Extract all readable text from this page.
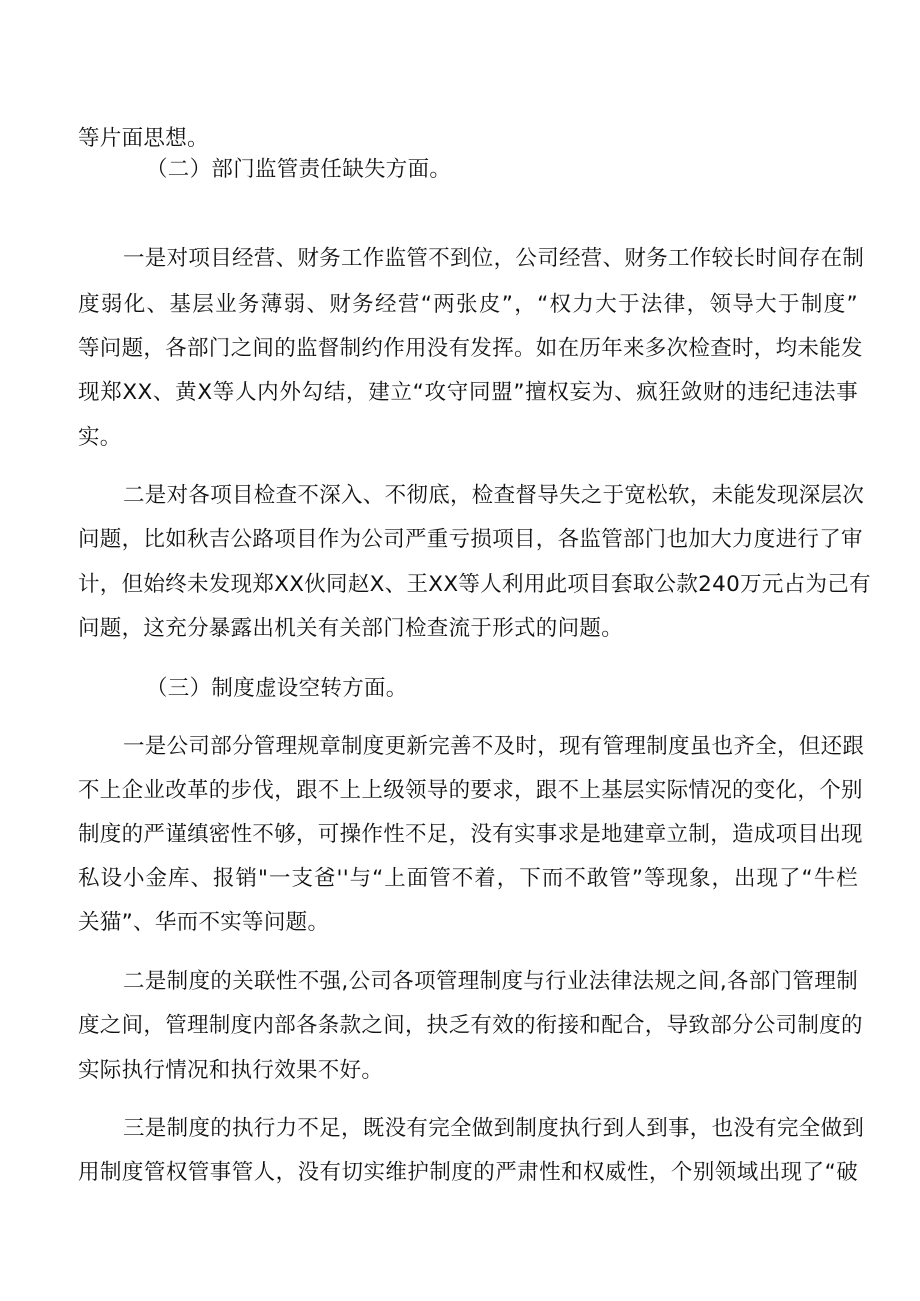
等片面思想。
（二）部门监管责任缺失方面。
一是对项目经营、财务工作监管不到位，公司经营、财务工作较长时间存在制
度弱化、基层业务薄弱、财务经营“两张皮”，“权力大于法律，领导大于制度”
等问题，各部门之间的监督制约作用没有发挥。如在历年来多次检查时，均未能发
现郑XX、黄X等人内外勾结，建立“攻守同盟”擅权妄为、疯狂敛财的违纪违法事
实。
二是对各项目检查不深入、不彻底，检查督导失之于宽松软，未能发现深层次
问题，比如秋吉公路项目作为公司严重亏损项目，各监管部门也加大力度进行了审
计，但始终未发现郑XX伙同赵X、王XX等人利用此项目套取公款240万元占为己有
问题，这充分暴露出机关有关部门检查流于形式的问题。
（三）制度虚设空转方面。
一是公司部分管理规章制度更新完善不及时，现有管理制度虽也齐全，但还跟
不上企业改革的步伐，跟不上上级领导的要求，跟不上基层实际情况的变化，个别
制度的严谨缜密性不够，可操作性不足，没有实事求是地建章立制，造成项目出现
私设小金库、报销"一支爸''与“上面管不着，下而不敢管”等现象，出现了“牛栏
关猫”、华而不实等问题。
二是制度的关联性不强,公司各项管理制度与行业法律法规之间,各部门管理制
度之间，管理制度内部各条款之间，抉乏有效的衔接和配合，导致部分公司制度的
实际执行情况和执行效果不好。
三是制度的执行力不足，既没有完全做到制度执行到人到事，也没有完全做到
用制度管权管事管人，没有切实维护制度的严肃性和权威性，个别领域出现了“破
